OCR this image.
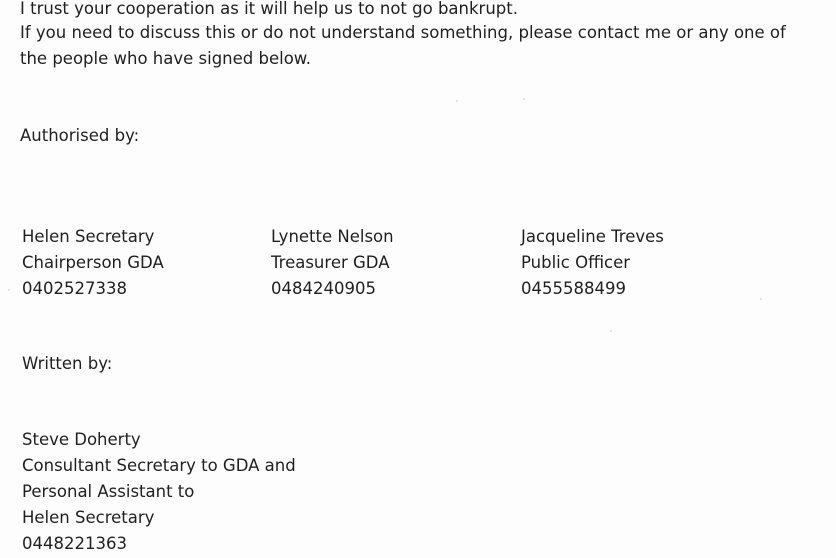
I trust your cooperation as it will help us to not go bankrupt.
If you need to discuss this or do not understand something, please contact me or any one of
the people who have signed below.
Authorised by:
Helen Secretary
Chairperson GDA
0402527338
Lynette Nelson
Treasurer GDA
0484240905
Jacqueline Treves
Public Officer
0455588499
Written by:
Steve Doherty
Consultant Secretary to GDA and
Personal Assistant to
Helen Secretary
0448221363
